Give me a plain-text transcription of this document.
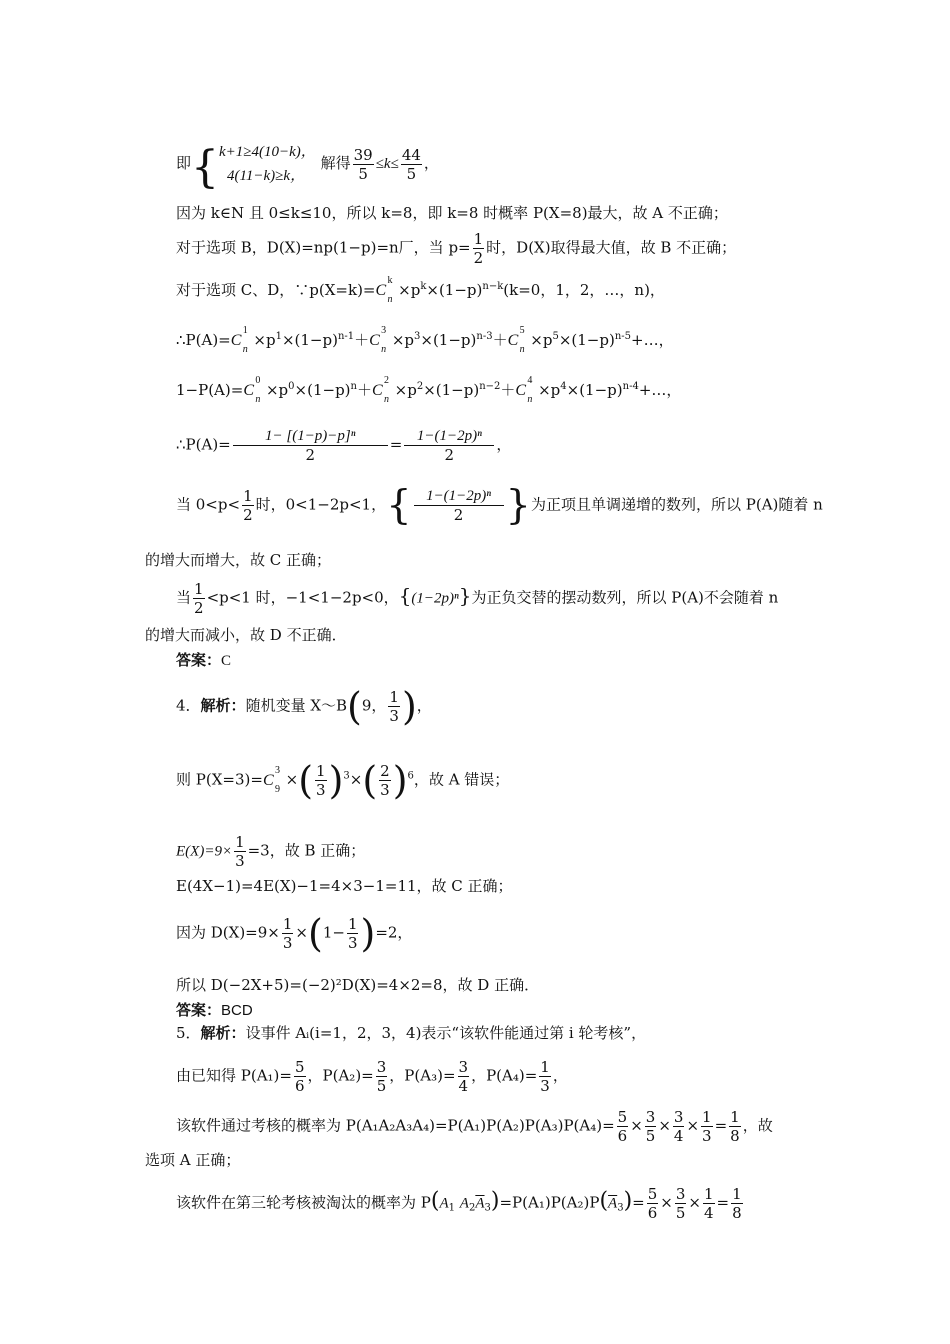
即{ k+1≥4(10−k)，
4(11−k)≥k，
解得 $\frac{39}{5} \le k\le \frac{44}{5}$ ，
因为 k∈N 且 0≤k≤10，所以 k=8，即 k=8 时概率 P(X=8)最大，故 A 不正确；
对于选项 B，D(X)=np(1−p)=n厂，当 $p= \frac{1}{2}$ 时，D(X)取得最大值，故 B 不正确；
对于选项 C、D，∵p(X=k)=C
k
n
$\times p^k\times(1-p)^{n-k}(k=0$，1，2，…，n)，
∴P(A)=C
1
n
$\times p^1\times(1-p)^{n-1}+C$
3
n
$\times p^3\times(1-p)^{n-3}+C$
5
n
$\times p^5\times(1-p)^{n-5}+\dots$，
1−P(A)=C
0
n
$\times p^0\times(1-p)^n+C$
2
n
$\times p^2\times(1-p)^{n-2}+C$
4
n
$\times p^4\times(1-p)^{n-4}+\dots$，
∴P(A)= $\frac{\text{1− [(1−p)−p]ⁿ}}{2} = \frac{\text{1−(1−2p)ⁿ}}{2}$ ，
当 $0<p< \frac{1}{2}$ 时，0<1−2p<1，{ $\frac{\text{1−(1−2p)ⁿ}}{2}$ }为正项且单调递增的数列，所以 P(A)随着 n
的增大而增大，故 C 正确；
当 $\frac{1}{2} <p<1$ 时，−1<1−2p<0，{(1−2p)ⁿ}为正负交替的摆动数列，所以 P(A)不会随着 n
的增大而减小，故 D 不正确．
答案：C
4．解析：随机变量 X～B(9， $\frac{1}{3}$ )，
则 P(X=3)=C
3
9
×( $\frac{1}{3} )^3\times( \frac{2}{3} )^6$，故 A 错误；
$E(X)=9\times \frac{1}{3} =3$，故 B 正确；
E(4X−1)=4E(X)−1=4×3−1=11，故 C 正确；
因为 $D(X)=9\times \frac{1}{3} \times(1- \frac{1}{3} )=2$，
所以 D(−2X+5)=(−2)²D(X)=4×2=8，故 D 正确．
答案：BCD
5．解析：设事件 Aᵢ(i=1，2，3，4)表示“该软件能通过第 i 轮考核”，
由已知得 $P(A_1)= \frac{5}{6}$ ，$P(A_2)= \frac{3}{5}$ ，$P(A_3)= \frac{3}{4}$ ，$P(A_4)= \frac{1}{3}$ ，
该软件通过考核的概率为 $P(A_1A_2A_3A_4)=P(A_1)P(A_2)P(A_3)P(A_4)= \frac{5}{6} \times \frac{3}{5} \times \frac{3}{4} \times \frac{1}{3} = \frac{1}{8}$ ，故
选项 A 正确；
该软件在第三轮考核被淘汰的概率为 $P(A_1$ $A_2\overline{A}_3)=P(A_1)P(A_2)P(\overline{A}_3)= \frac{5}{6} \times \frac{3}{5} \times \frac{1}{4} = \frac{1}{8}$
